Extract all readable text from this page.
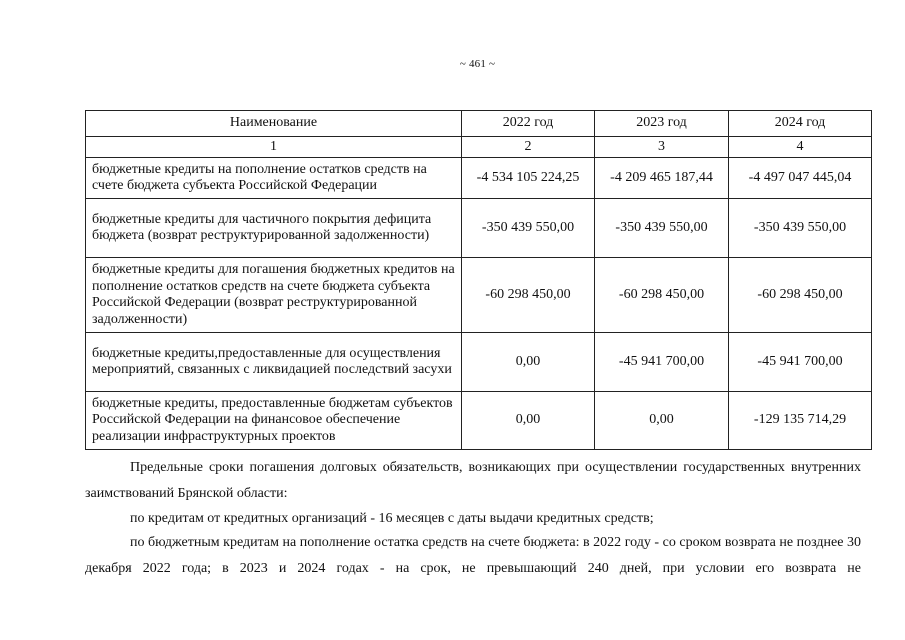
~ 461 ~
Наименование	2022 год	2023 год	2024 год
1	2	3	4
бюджетные кредиты на пополнение остатков средств на счете бюджета субъекта Российской Федерации	-4 534 105 224,25	-4 209 465 187,44	-4 497 047 445,04
бюджетные кредиты для частичного покрытия дефицита бюджета (возврат реструктурированной задолженности)	-350 439 550,00	-350 439 550,00	-350 439 550,00
бюджетные кредиты для погашения бюджетных кредитов на пополнение остатков средств на счете бюджета субъекта Российской Федерации (возврат реструктурированной задолженности)	-60 298 450,00	-60 298 450,00	-60 298 450,00
бюджетные кредиты,предоставленные для осуществления мероприятий, связанных с ликвидацией последствий засухи	0,00	-45 941 700,00	-45 941 700,00
бюджетные кредиты, предоставленные бюджетам субъектов Российской Федерации на финансовое обеспечение реализации инфраструктурных проектов	0,00	0,00	-129 135 714,29

Предельные сроки погашения долговых обязательств, возникающих при осуществлении государственных внутренних заимствований Брянской области:

по кредитам от кредитных организаций - 16 месяцев с даты выдачи кредитных средств;

по бюджетным кредитам на пополнение остатка средств на счете бюджета: в 2022 году - со сроком возврата не позднее 30 декабря 2022 года; в 2023 и 2024 годах - на срок, не превышающий 240 дней, при условии его возврата не
